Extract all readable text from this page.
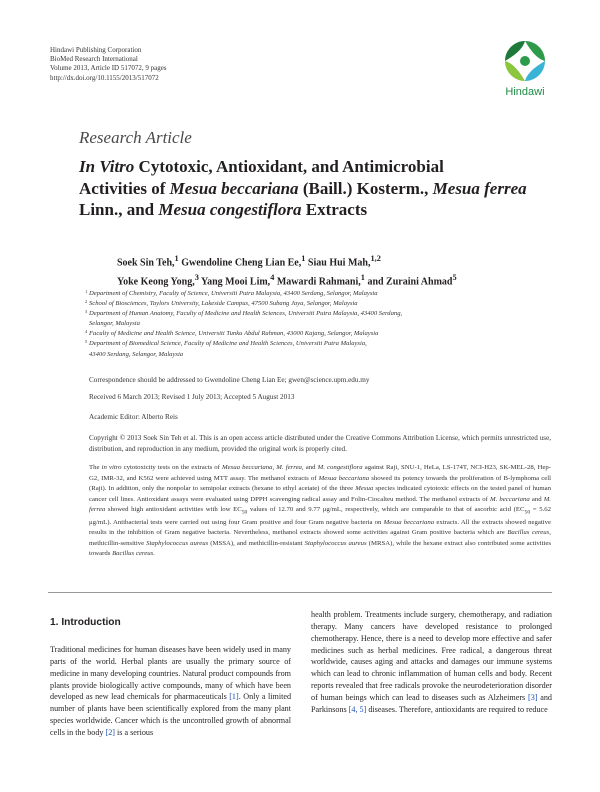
Hindawi Publishing Corporation
BioMed Research International
Volume 2013, Article ID 517072, 9 pages
http://dx.doi.org/10.1155/2013/517072
Hindawi
Research Article
In Vitro Cytotoxic, Antioxidant, and Antimicrobial
Activities of Mesua beccariana (Baill.) Kosterm., Mesua ferrea
Linn., and Mesua congestiflora Extracts
Soek Sin Teh,$^1$ Gwendoline Cheng Lian Ee,$^1$ Siau Hui Mah,$^{1,2}$
Yoke Keong Yong,$^3$ Yang Mooi Lim,$^4$ Mawardi Rahmani,$^1$ and Zuraini Ahmad$^5$
1 Department of Chemistry, Faculty of Science, Universiti Putra Malaysia, 43400 Serdang, Selangor, Malaysia
2 School of Biosciences, Taylors University, Lakeside Campus, 47500 Subang Jaya, Selangor, Malaysia
3 Department of Human Anatomy, Faculty of Medicine and Health Sciences, Universiti Putra Malaysia, 43400 Serdang,
Selangor, Malaysia
4 Faculty of Medicine and Health Science, Universiti Tunku Abdul Rahman, 43000 Kajang, Selangor, Malaysia
5 Department of Biomedical Science, Faculty of Medicine and Health Sciences, Universiti Putra Malaysia,
43400 Serdang, Selangor, Malaysia
Correspondence should be addressed to Gwendoline Cheng Lian Ee; gwen@science.upm.edu.my
Received 6 March 2013; Revised 1 July 2013; Accepted 5 August 2013
Academic Editor: Alberto Reis
Copyright © 2013 Soek Sin Teh et al. This is an open access article distributed under the Creative Commons Attribution License, which permits unrestricted use, distribution, and reproduction in any medium, provided the original work is properly cited.
The in vitro cytotoxicity tests on the extracts of Mesua beccariana, M. ferrea, and M. congestiflora against Raji, SNU-1, HeLa, LS-174T, NCI-H23, SK-MEL-28, Hep-G2, IMR-32, and K562 were achieved using MTT assay. The methanol extracts of Mesua beccariana showed its potency towards the proliferation of B-lymphoma cell (Raji). In addition, only the nonpolar to semipolar extracts (hexane to ethyl acetate) of the three Mesua species indicated cytotoxic effects on the tested panel of human cancer cell lines. Antioxidant assays were evaluated using DPPH scavenging radical assay and Folin-Ciocalteu method. The methanol extracts of M. beccariana and M. ferrea showed high antioxidant activities with low $EC_{50}$ values of 12.70 and 9.77 μg/mL, respectively, which are comparable to that of ascorbic acid ($EC_{50} = 5.62$ μg/mL). Antibacterial tests were carried out using four Gram positive and four Gram negative bacteria on Mesua beccariana extracts. All the extracts showed negative results in the inhibition of Gram negative bacteria. Nevertheless, methanol extracts showed some activities against Gram positive bacteria which are Bacillus cereus, methicillin-sensitive Staphylococcus aureus (MSSA), and methicillin-resistant Staphylococcus aureus (MRSA), while the hexane extract also contributed some activities towards Bacillus cereus.
1. Introduction
Traditional medicines for human diseases have been widely used in many parts of the world. Herbal plants are usually the primary source of medicine in many developing countries. Natural product compounds from plants provide biologically active compounds, many of which have been developed as new lead chemicals for pharmaceuticals [1]. Only a limited number of plants have been scientifically explored from the many plant species worldwide. Cancer which is the uncontrolled growth of abnormal cells in the body [2] is a serious
health problem. Treatments include surgery, chemotherapy, and radiation therapy. Many cancers have developed resistance to prolonged chemotherapy. Hence, there is a need to develop more effective and safer medicines such as herbal medicines. Free radical, a dangerous threat worldwide, causes aging and attacks and damages our immune systems which can lead to chronic inflammation of human cells and body. Recent reports revealed that free radicals provoke the neurodeterioration disorder of human beings which can lead to diseases such as Alzheimers [3] and Parkinsons [4, 5] diseases. Therefore, antioxidants are required to reduce
